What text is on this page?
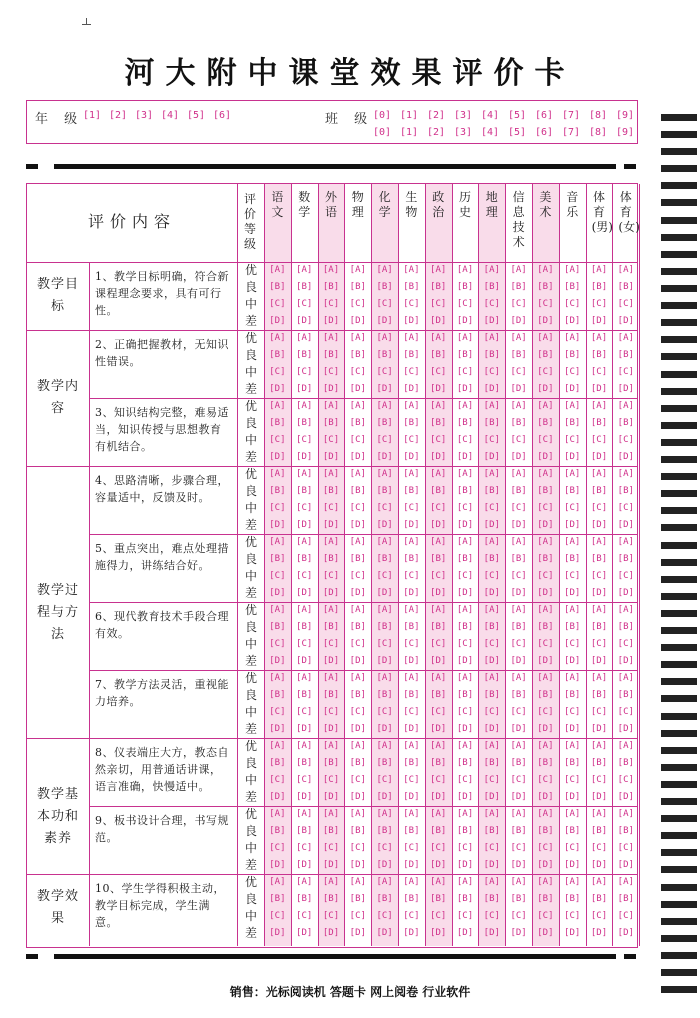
河大附中课堂效果评价卡
年 级 [1] [2] [3] [4] [5] [6]	班 级 [0] [1] [2] [3] [4] [5] [6] [7] [8] [9]
[0] [1] [2] [3] [4] [5] [6] [7] [8] [9]
评价内容
评价等级
语文
数学
外语
物理
化学
生物
政治
历史
地理
信息技术
美术
音乐
体育(男)
体育(女)
教学目标
1、教学目标明确，符合新课程理念要求，具有可行性。
优
良
中
差
[A]
[B]
[C]
[D]
[A]
[B]
[C]
[D]
[A]
[B]
[C]
[D]
[A]
[B]
[C]
[D]
[A]
[B]
[C]
[D]
[A]
[B]
[C]
[D]
[A]
[B]
[C]
[D]
[A]
[B]
[C]
[D]
[A]
[B]
[C]
[D]
[A]
[B]
[C]
[D]
[A]
[B]
[C]
[D]
[A]
[B]
[C]
[D]
[A]
[B]
[C]
[D]
[A]
[B]
[C]
[D]
教学内容
2、正确把握教材，无知识性错误。
优
良
中
差
[A]
[B]
[C]
[D]
[A]
[B]
[C]
[D]
[A]
[B]
[C]
[D]
[A]
[B]
[C]
[D]
[A]
[B]
[C]
[D]
[A]
[B]
[C]
[D]
[A]
[B]
[C]
[D]
[A]
[B]
[C]
[D]
[A]
[B]
[C]
[D]
[A]
[B]
[C]
[D]
[A]
[B]
[C]
[D]
[A]
[B]
[C]
[D]
[A]
[B]
[C]
[D]
[A]
[B]
[C]
[D]
3、知识结构完整，难易适当，知识传授与思想教育有机结合。
优
良
中
差
[A]
[B]
[C]
[D]
[A]
[B]
[C]
[D]
[A]
[B]
[C]
[D]
[A]
[B]
[C]
[D]
[A]
[B]
[C]
[D]
[A]
[B]
[C]
[D]
[A]
[B]
[C]
[D]
[A]
[B]
[C]
[D]
[A]
[B]
[C]
[D]
[A]
[B]
[C]
[D]
[A]
[B]
[C]
[D]
[A]
[B]
[C]
[D]
[A]
[B]
[C]
[D]
[A]
[B]
[C]
[D]
教学过程与方法
4、思路清晰，步骤合理，容量适中，反馈及时。
优
良
中
差
[A]
[B]
[C]
[D]
[A]
[B]
[C]
[D]
[A]
[B]
[C]
[D]
[A]
[B]
[C]
[D]
[A]
[B]
[C]
[D]
[A]
[B]
[C]
[D]
[A]
[B]
[C]
[D]
[A]
[B]
[C]
[D]
[A]
[B]
[C]
[D]
[A]
[B]
[C]
[D]
[A]
[B]
[C]
[D]
[A]
[B]
[C]
[D]
[A]
[B]
[C]
[D]
[A]
[B]
[C]
[D]
5、重点突出，难点处理措施得力，讲练结合好。
优
良
中
差
[A]
[B]
[C]
[D]
[A]
[B]
[C]
[D]
[A]
[B]
[C]
[D]
[A]
[B]
[C]
[D]
[A]
[B]
[C]
[D]
[A]
[B]
[C]
[D]
[A]
[B]
[C]
[D]
[A]
[B]
[C]
[D]
[A]
[B]
[C]
[D]
[A]
[B]
[C]
[D]
[A]
[B]
[C]
[D]
[A]
[B]
[C]
[D]
[A]
[B]
[C]
[D]
[A]
[B]
[C]
[D]
6、现代教育技术手段合理有效。
优
良
中
差
[A]
[B]
[C]
[D]
[A]
[B]
[C]
[D]
[A]
[B]
[C]
[D]
[A]
[B]
[C]
[D]
[A]
[B]
[C]
[D]
[A]
[B]
[C]
[D]
[A]
[B]
[C]
[D]
[A]
[B]
[C]
[D]
[A]
[B]
[C]
[D]
[A]
[B]
[C]
[D]
[A]
[B]
[C]
[D]
[A]
[B]
[C]
[D]
[A]
[B]
[C]
[D]
[A]
[B]
[C]
[D]
7、教学方法灵活，重视能力培养。
优
良
中
差
[A]
[B]
[C]
[D]
[A]
[B]
[C]
[D]
[A]
[B]
[C]
[D]
[A]
[B]
[C]
[D]
[A]
[B]
[C]
[D]
[A]
[B]
[C]
[D]
[A]
[B]
[C]
[D]
[A]
[B]
[C]
[D]
[A]
[B]
[C]
[D]
[A]
[B]
[C]
[D]
[A]
[B]
[C]
[D]
[A]
[B]
[C]
[D]
[A]
[B]
[C]
[D]
[A]
[B]
[C]
[D]
教学基本功和素养
8、仪表端庄大方，教态自然亲切，用普通话讲课，语言准确，快慢适中。
优
良
中
差
[A]
[B]
[C]
[D]
[A]
[B]
[C]
[D]
[A]
[B]
[C]
[D]
[A]
[B]
[C]
[D]
[A]
[B]
[C]
[D]
[A]
[B]
[C]
[D]
[A]
[B]
[C]
[D]
[A]
[B]
[C]
[D]
[A]
[B]
[C]
[D]
[A]
[B]
[C]
[D]
[A]
[B]
[C]
[D]
[A]
[B]
[C]
[D]
[A]
[B]
[C]
[D]
[A]
[B]
[C]
[D]
9、板书设计合理，书写规范。
优
良
中
差
[A]
[B]
[C]
[D]
[A]
[B]
[C]
[D]
[A]
[B]
[C]
[D]
[A]
[B]
[C]
[D]
[A]
[B]
[C]
[D]
[A]
[B]
[C]
[D]
[A]
[B]
[C]
[D]
[A]
[B]
[C]
[D]
[A]
[B]
[C]
[D]
[A]
[B]
[C]
[D]
[A]
[B]
[C]
[D]
[A]
[B]
[C]
[D]
[A]
[B]
[C]
[D]
[A]
[B]
[C]
[D]
教学效果
10、学生学得积极主动，教学目标完成，学生满意。
优
良
中
差
[A]
[B]
[C]
[D]
[A]
[B]
[C]
[D]
[A]
[B]
[C]
[D]
[A]
[B]
[C]
[D]
[A]
[B]
[C]
[D]
[A]
[B]
[C]
[D]
[A]
[B]
[C]
[D]
[A]
[B]
[C]
[D]
[A]
[B]
[C]
[D]
[A]
[B]
[C]
[D]
[A]
[B]
[C]
[D]
[A]
[B]
[C]
[D]
[A]
[B]
[C]
[D]
[A]
[B]
[C]
[D]
销售：光标阅读机 答题卡 网上阅卷 行业软件
